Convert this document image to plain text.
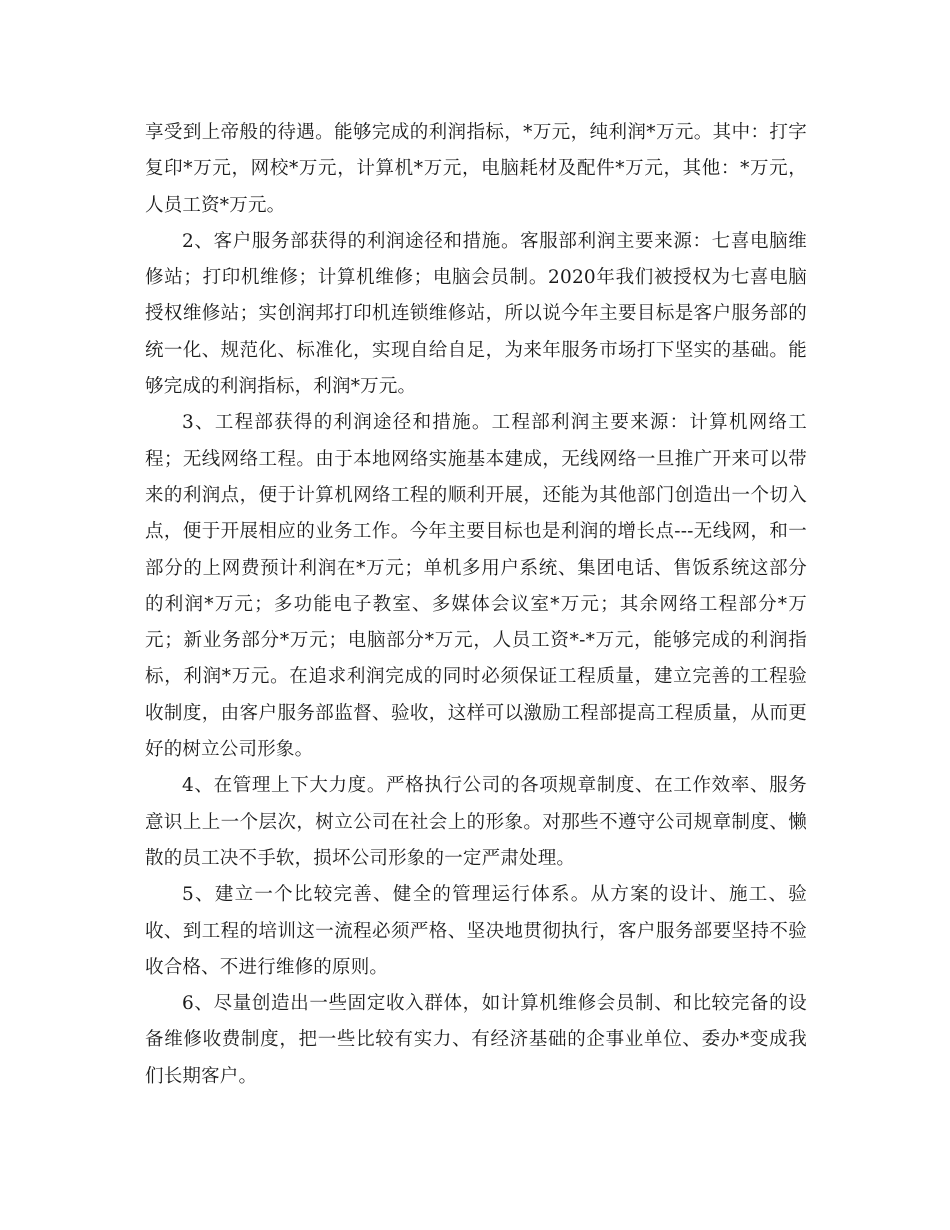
享受到上帝般的待遇。能够完成的利润指标，*万元，纯利润*万元。其中：打字复印*万元，网校*万元，计算机*万元，电脑耗材及配件*万元，其他：*万元，人员工资*万元。

2、客户服务部获得的利润途径和措施。客服部利润主要来源：七喜电脑维修站；打印机维修；计算机维修；电脑会员制。2020年我们被授权为七喜电脑授权维修站；实创润邦打印机连锁维修站，所以说今年主要目标是客户服务部的统一化、规范化、标准化，实现自给自足，为来年服务市场打下坚实的基础。能够完成的利润指标，利润*万元。

3、工程部获得的利润途径和措施。工程部利润主要来源：计算机网络工程；无线网络工程。由于本地网络实施基本建成，无线网络一旦推广开来可以带来的利润点，便于计算机网络工程的顺利开展，还能为其他部门创造出一个切入点，便于开展相应的业务工作。今年主要目标也是利润的增长点---无线网，和一部分的上网费预计利润在*万元；单机多用户系统、集团电话、售饭系统这部分的利润*万元；多功能电子教室、多媒体会议室*万元；其余网络工程部分*万元；新业务部分*万元；电脑部分*万元，人员工资*-*万元，能够完成的利润指标，利润*万元。在追求利润完成的同时必须保证工程质量，建立完善的工程验收制度，由客户服务部监督、验收，这样可以激励工程部提高工程质量，从而更好的树立公司形象。

4、在管理上下大力度。严格执行公司的各项规章制度、在工作效率、服务意识上上一个层次，树立公司在社会上的形象。对那些不遵守公司规章制度、懒散的员工决不手软，损坏公司形象的一定严肃处理。

5、建立一个比较完善、健全的管理运行体系。从方案的设计、施工、验收、到工程的培训这一流程必须严格、坚决地贯彻执行，客户服务部要坚持不验收合格、不进行维修的原则。

6、尽量创造出一些固定收入群体，如计算机维修会员制、和比较完备的设备维修收费制度，把一些比较有实力、有经济基础的企事业单位、委办*变成我们长期客户。
